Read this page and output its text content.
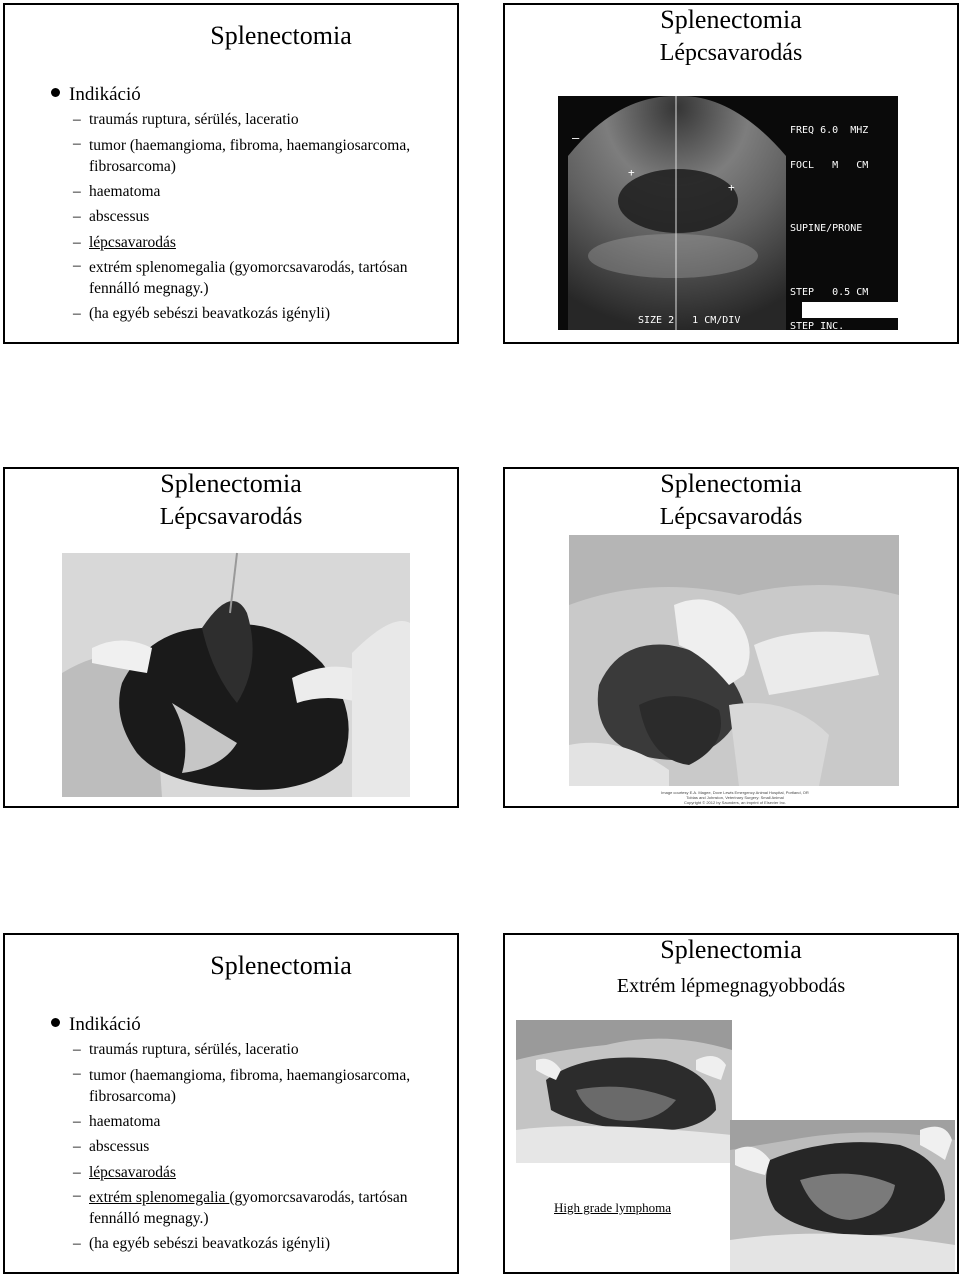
Splenectomia
Indikáció
– traumás ruptura, sérülés, laceratio
– tumor (haemangioma, fibroma, haemangiosarcoma, fibrosarcoma)
– haematoma
– abscessus
– lépcsavarodás
– extrém splenomegalia (gyomorcsavarodás, tartósan fennálló megnagy.)
– (ha egyéb sebészi beavatkozás igényli)
Splenectomia
Lépcsavarodás
+
+
–

FREQ 6.0  MHZ

FOCL   M   CM

SUPINE/PRONE

STEP   0.5 CM

STEP INC.

STEP DEC.

WRITE

ERASE

SIZE 2   1 CM/DIV
Splenectomia
Lépcsavarodás
Splenectomia
Lépcsavarodás
Image courtesy E.A. Magee, Dove Lewis Emergency Animal Hospital, Portland, OR
Tobias and Johnston, Veterinary Surgery: Small Animal
Copyright © 2012 by Saunders, an imprint of Elsevier Inc.
Splenectomia
Indikáció
– traumás ruptura, sérülés, laceratio
– tumor (haemangioma, fibroma, haemangiosarcoma, fibrosarcoma)
– haematoma
– abscessus
– lépcsavarodás
– extrém splenomegalia (gyomorcsavarodás, tartósan fennálló megnagy.)
– (ha egyéb sebészi beavatkozás igényli)
Splenectomia
Extrém lépmegnagyobbodás
High grade lymphoma
